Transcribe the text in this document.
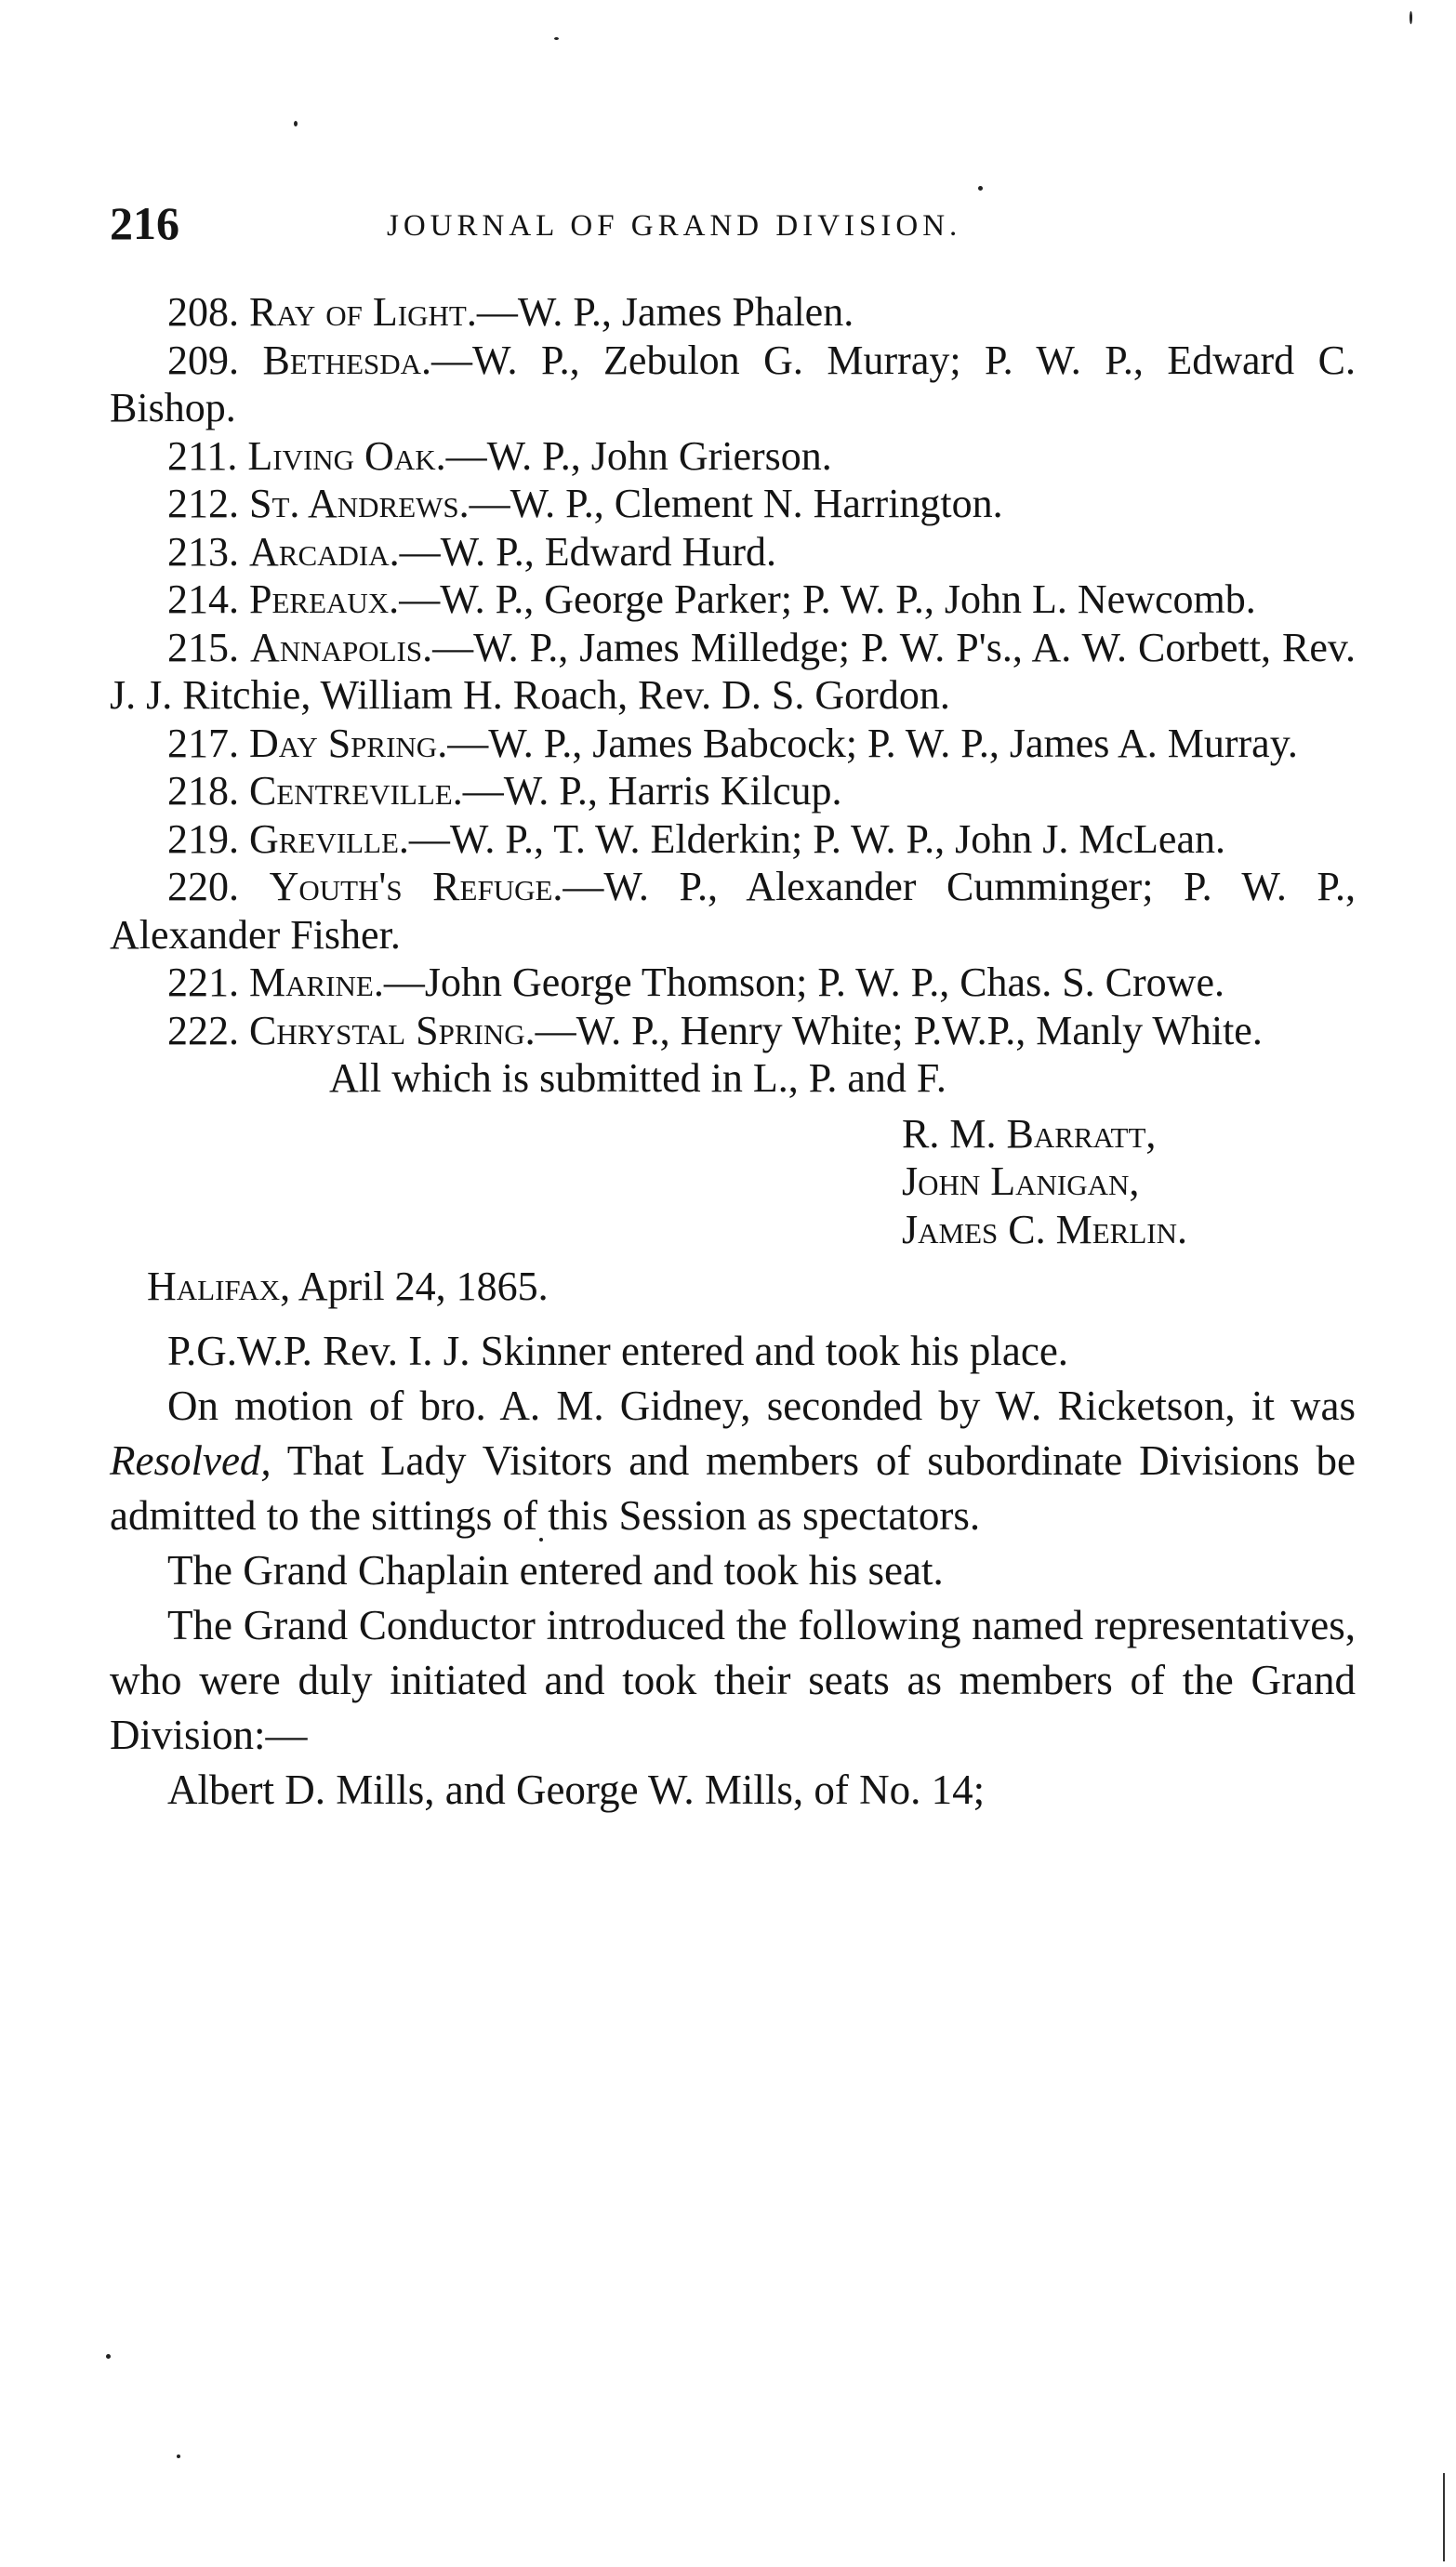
216	JOURNAL OF GRAND DIVISION.

208. Ray of Light.—W. P., James Phalen.

209. Bethesda.—W. P., Zebulon G. Murray; P. W. P., Edward C. Bishop.

211. Living Oak.—W. P., John Grierson.

212. St. Andrews.—W. P., Clement N. Harrington.

213. Arcadia.—W. P., Edward Hurd.

214. Pereaux.—W. P., George Parker; P. W. P., John L. Newcomb.

215. Annapolis.—W. P., James Milledge; P. W. P's., A. W. Corbett, Rev. J. J. Ritchie, William H. Roach, Rev. D. S. Gordon.

217. Day Spring.—W. P., James Babcock; P. W. P., James A. Murray.

218. Centreville.—W. P., Harris Kilcup.

219. Greville.—W. P., T. W. Elderkin; P. W. P., John J. McLean.

220. Youth's Refuge.—W. P., Alexander Cumminger; P. W. P., Alexander Fisher.

221. Marine.—John George Thomson; P. W. P., Chas. S. Crowe.

222. Chrystal Spring.—W. P., Henry White; P.W.P., Manly White.

All which is submitted in L., P. and F.

R. M. Barratt,
John Lanigan,
James C. Merlin.

Halifax, April 24, 1865.

P.G.W.P. Rev. I. J. Skinner entered and took his place.

On motion of bro. A. M. Gidney, seconded by W. Ricketson, it was Resolved, That Lady Visitors and members of subordinate Divisions be admitted to the sittings of this Session as spectators.

The Grand Chaplain entered and took his seat.

The Grand Conductor introduced the following named representatives, who were duly initiated and took their seats as members of the Grand Division:—

Albert D. Mills, and George W. Mills, of No. 14;
